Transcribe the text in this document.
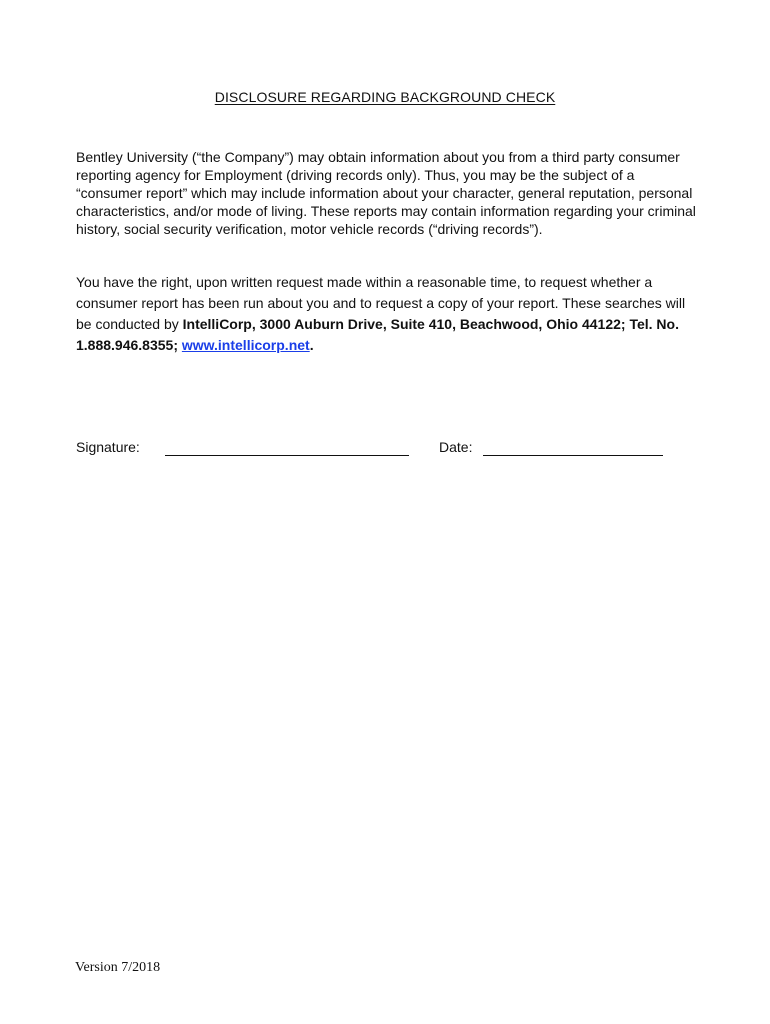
DISCLOSURE REGARDING BACKGROUND CHECK
Bentley University (“the Company”) may obtain information about you from a third party consumer reporting agency for Employment (driving records only). Thus, you may be the subject of a “consumer report” which may include information about your character, general reputation, personal characteristics, and/or mode of living. These reports may contain information regarding your criminal history, social security verification, motor vehicle records (“driving records”).
You have the right, upon written request made within a reasonable time, to request whether a consumer report has been run about you and to request a copy of your report. These searches will be conducted by IntelliCorp, 3000 Auburn Drive, Suite 410, Beachwood, Ohio 44122; Tel. No. 1.888.946.8355; www.intellicorp.net.
Signature:	Date:
Version 7/2018
